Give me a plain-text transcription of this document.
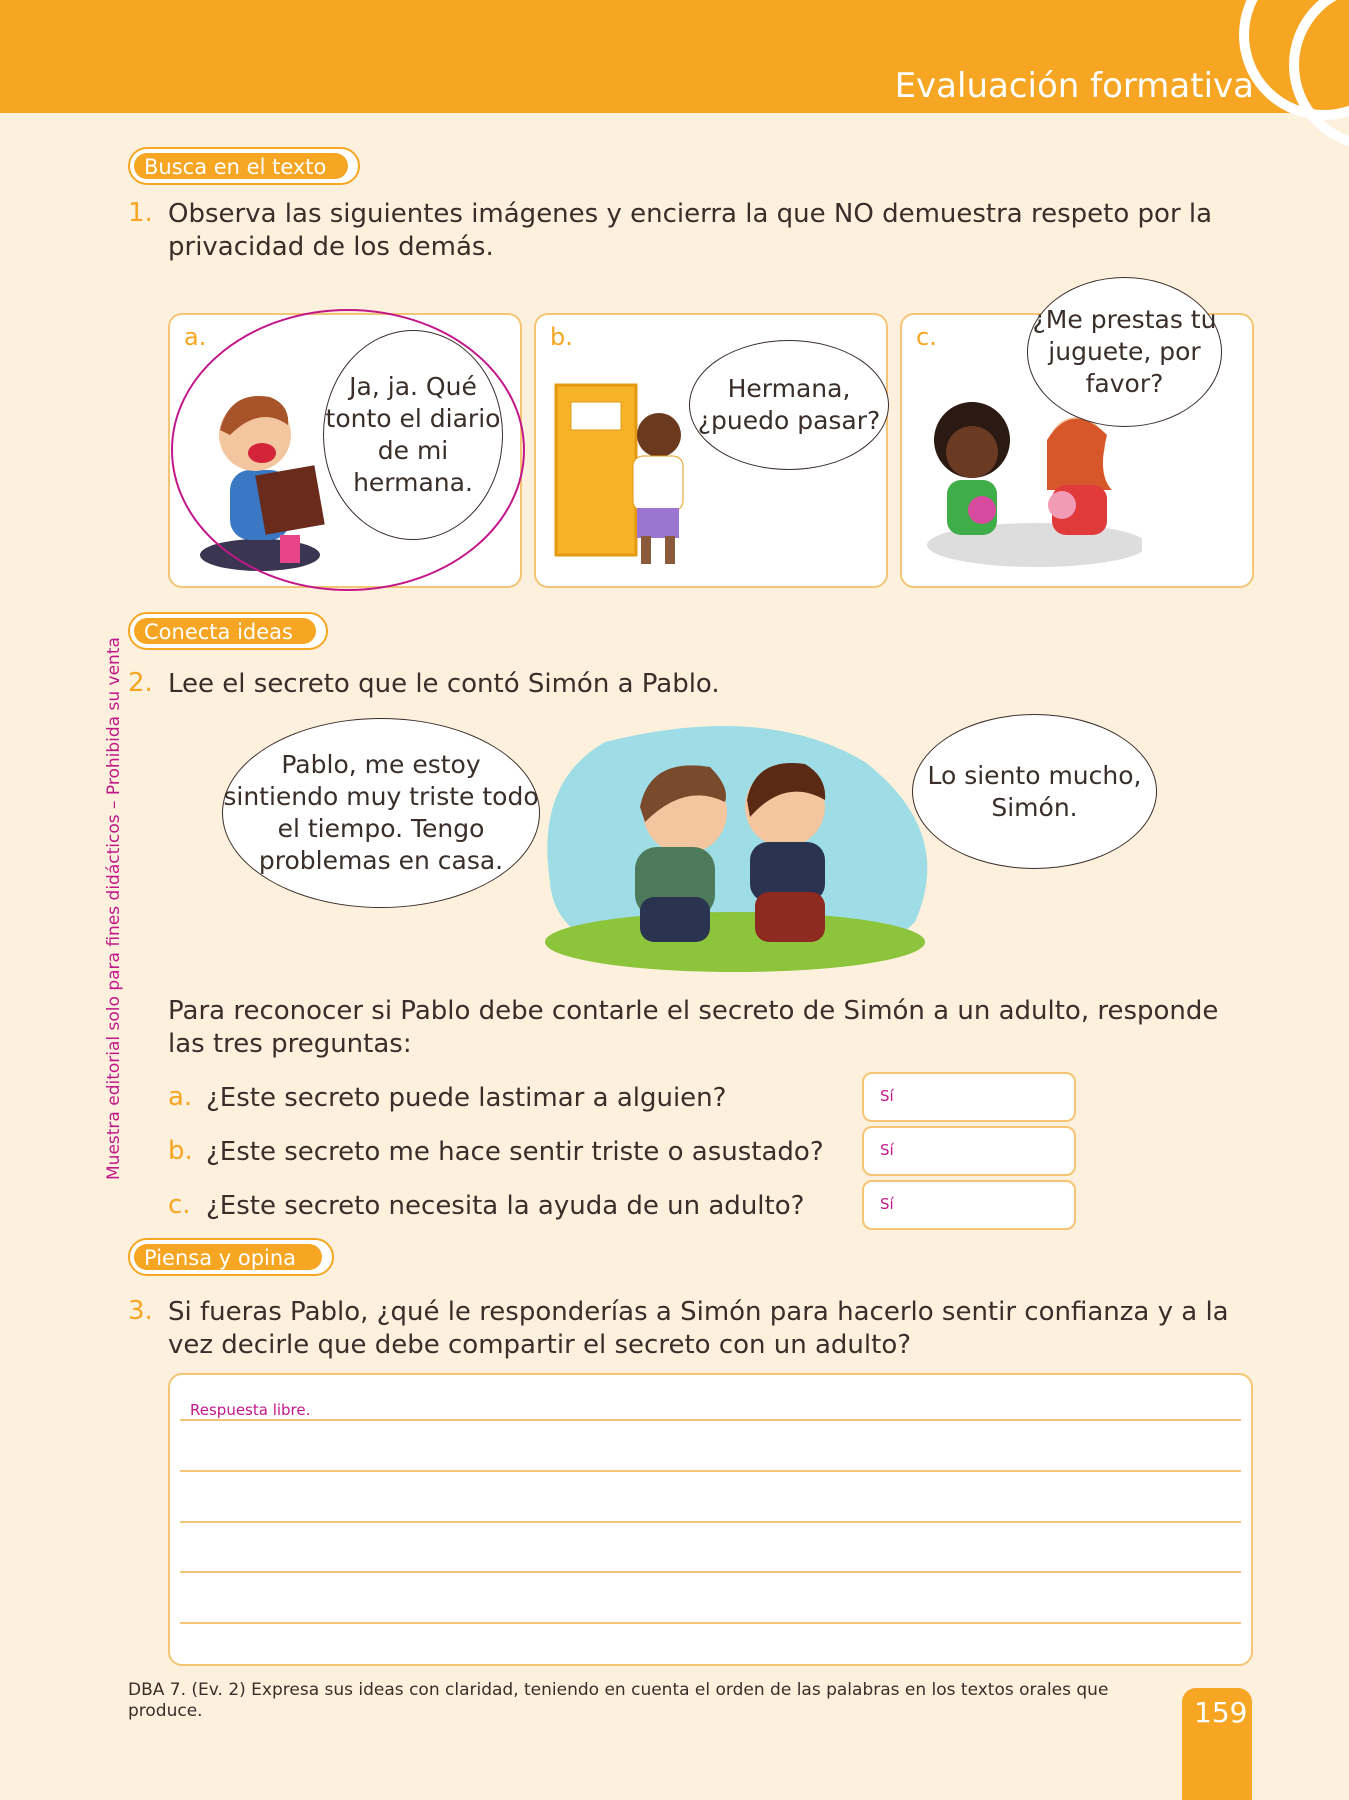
Evaluación formativa
Muestra editorial solo para fines didácticos – Prohibida su venta
Busca en el texto
1. Observa las siguientes imágenes y encierra la que NO demuestra respeto por la privacidad de los demás.
a.
Ja, ja. Qué tonto el diario de mi hermana.
b.
Hermana, ¿puedo pasar?
c.
¿Me prestas tu juguete, por favor?
Conecta ideas
2. Lee el secreto que le contó Simón a Pablo.
Pablo, me estoy sintiendo muy triste todo el tiempo. Tengo problemas en casa.
Lo siento mucho, Simón.
Para reconocer si Pablo debe contarle el secreto de Simón a un adulto, responde las tres preguntas:
a. ¿Este secreto puede lastimar a alguien?	Sí
b. ¿Este secreto me hace sentir triste o asustado?	Sí
c. ¿Este secreto necesita la ayuda de un adulto?	Sí
Piensa y opina
3. Si fueras Pablo, ¿qué le responderías a Simón para hacerlo sentir confianza y a la vez decirle que debe compartir el secreto con un adulto?
Respuesta libre.
DBA 7. (Ev. 2) Expresa sus ideas con claridad, teniendo en cuenta el orden de las palabras en los textos orales que produce.	159
